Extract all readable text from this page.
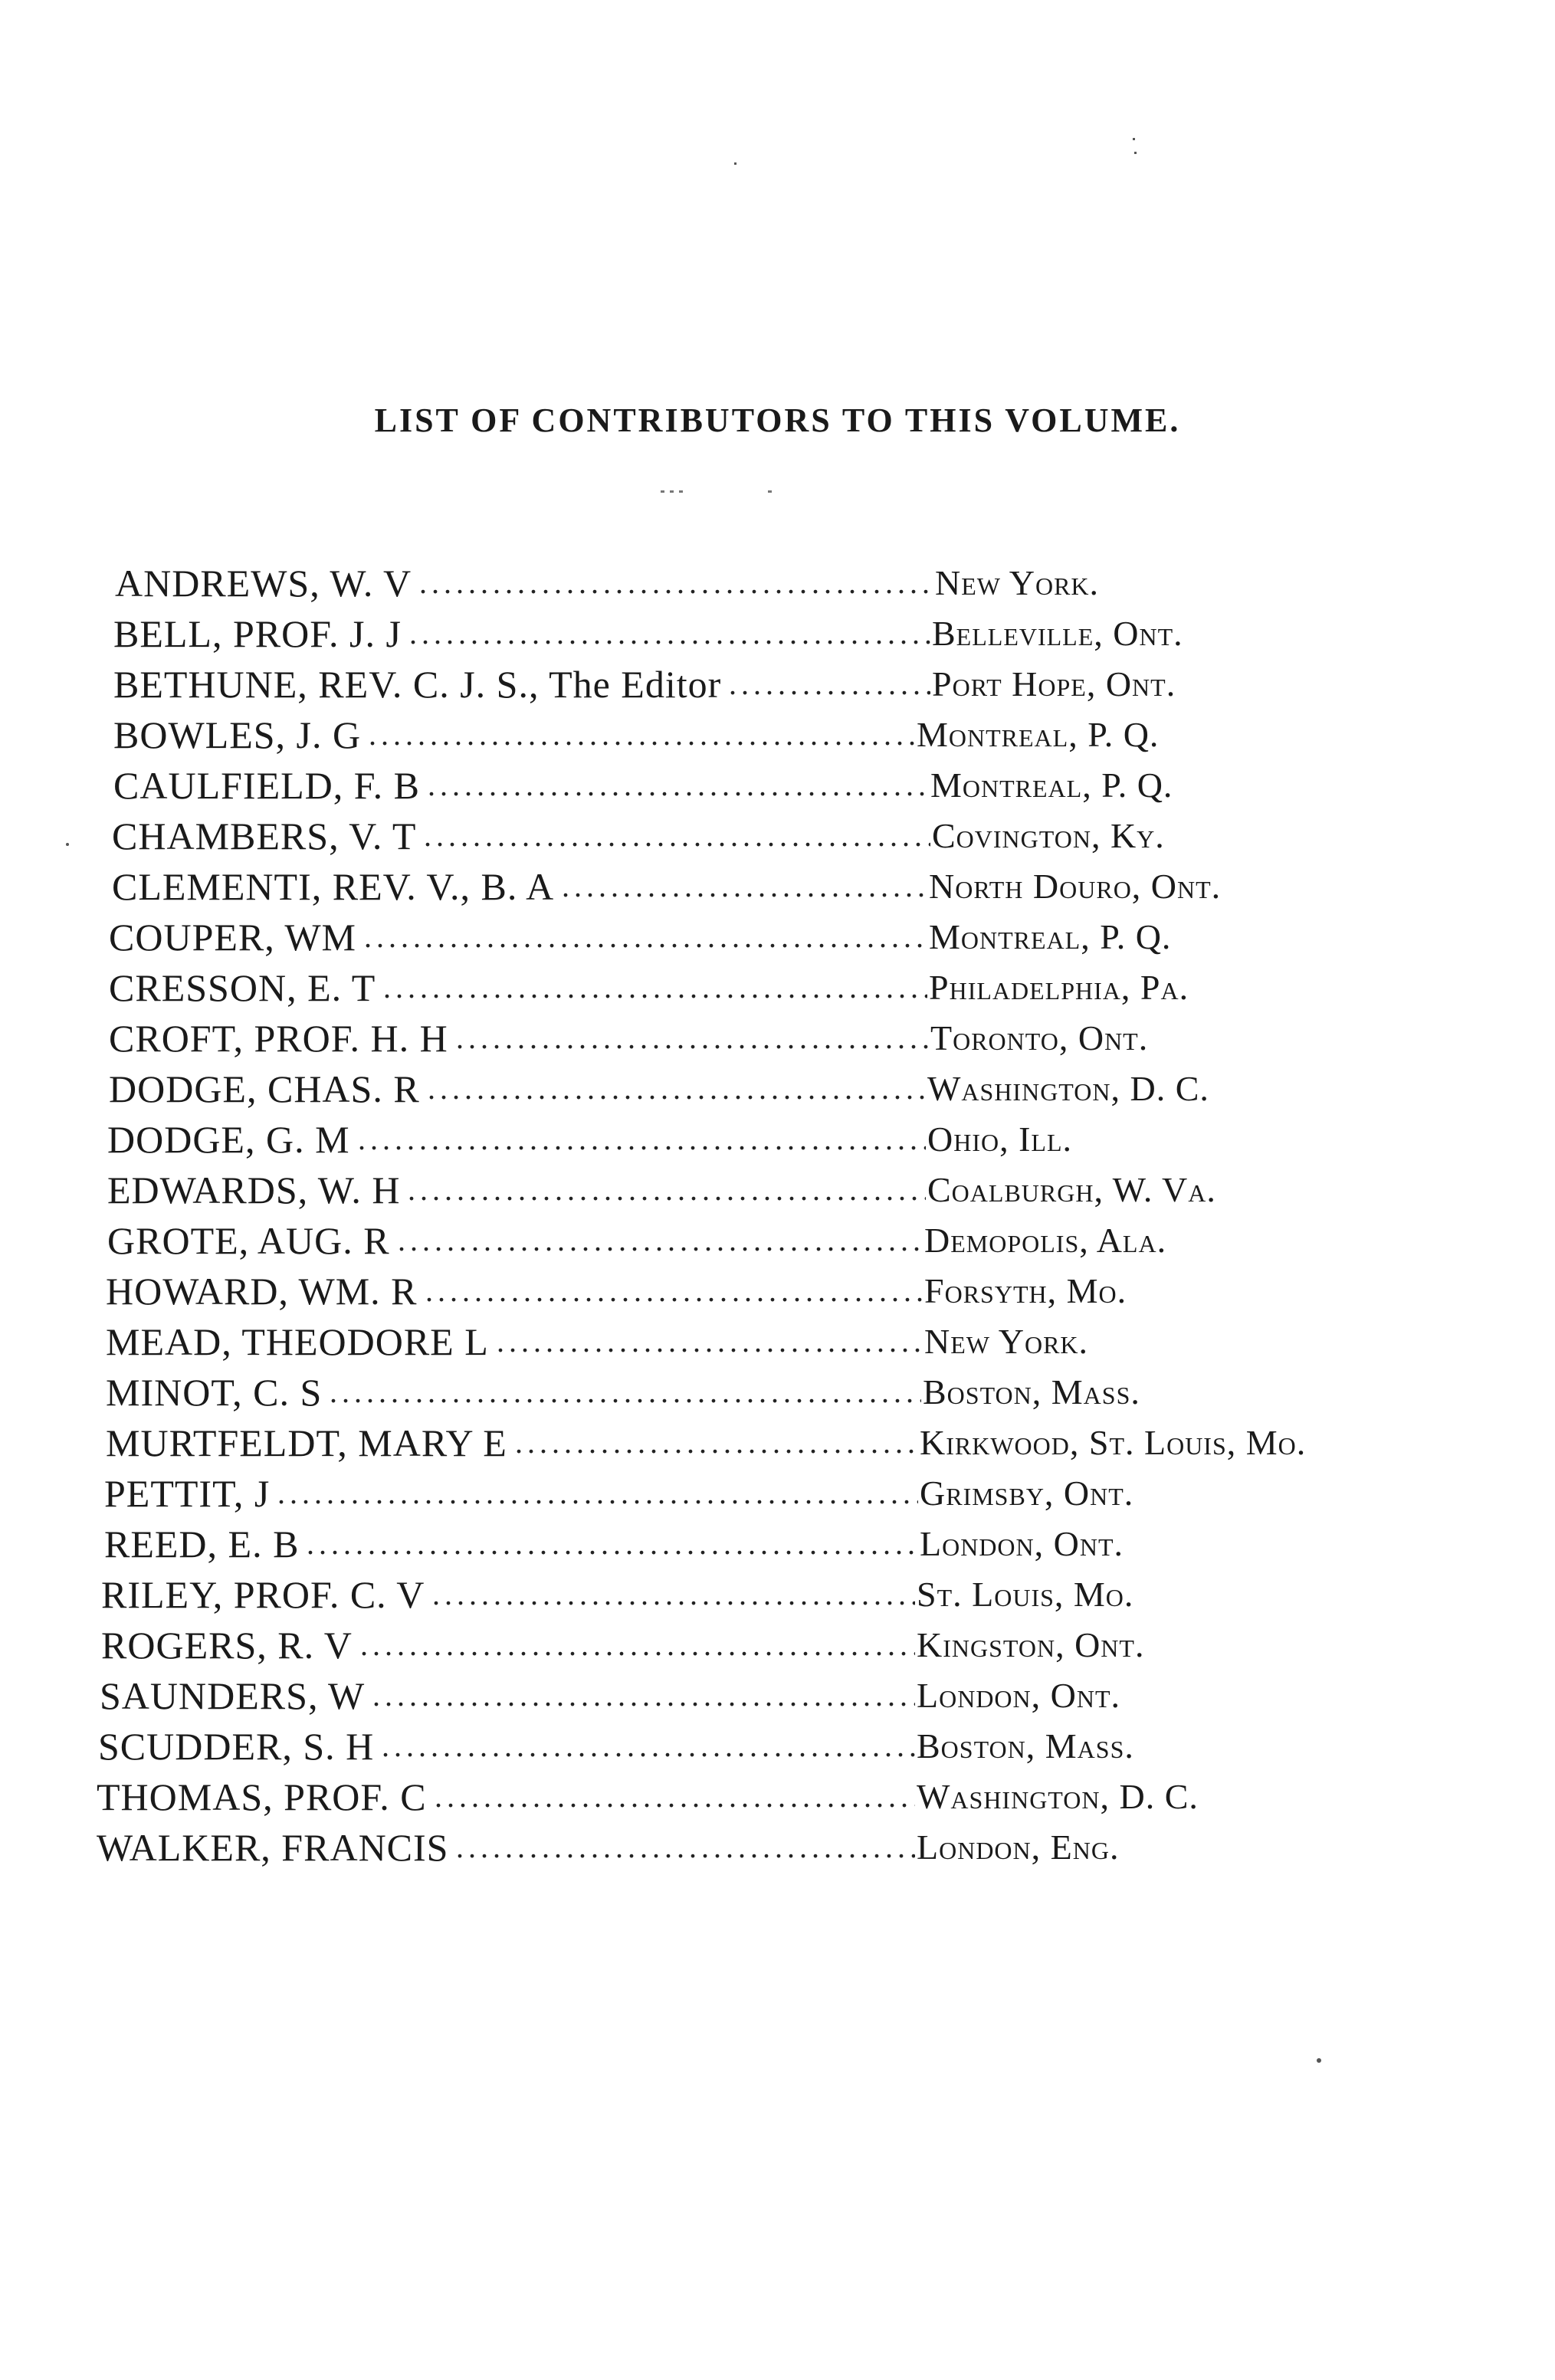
LIST OF CONTRIBUTORS TO THIS VOLUME.
ANDREWS, W. V .....	New York.
BELL, PROF. J. J .....	Belleville, Ont.
BETHUNE, REV. C. J. S., The Editor .....	Port Hope, Ont.
BOWLES, J. G .....	Montreal, P. Q.
CAULFIELD, F. B .....	Montreal, P. Q.
CHAMBERS, V. T .....	Covington, Ky.
CLEMENTI, REV. V., B. A .....	North Douro, Ont.
COUPER, WM .....	Montreal, P. Q.
CRESSON, E. T .....	Philadelphia, Pa.
CROFT, PROF. H. H .....	Toronto, Ont.
DODGE, CHAS. R .....	Washington, D. C.
DODGE, G. M .....	Ohio, Ill.
EDWARDS, W. H .....	Coalburgh, W. Va.
GROTE, AUG. R .....	Demopolis, Ala.
HOWARD, WM. R .....	Forsyth, Mo.
MEAD, THEODORE L .....	New York.
MINOT, C. S .....	Boston, Mass.
MURTFELDT, MARY E .....	Kirkwood, St. Louis, Mo.
PETTIT, J .....	Grimsby, Ont.
REED, E. B .....	London, Ont.
RILEY, PROF. C. V .....	St. Louis, Mo.
ROGERS, R. V .....	Kingston, Ont.
SAUNDERS, W .....	London, Ont.
SCUDDER, S. H .....	Boston, Mass.
THOMAS, PROF. C .....	Washington, D. C.
WALKER, FRANCIS .....	London, Eng.
